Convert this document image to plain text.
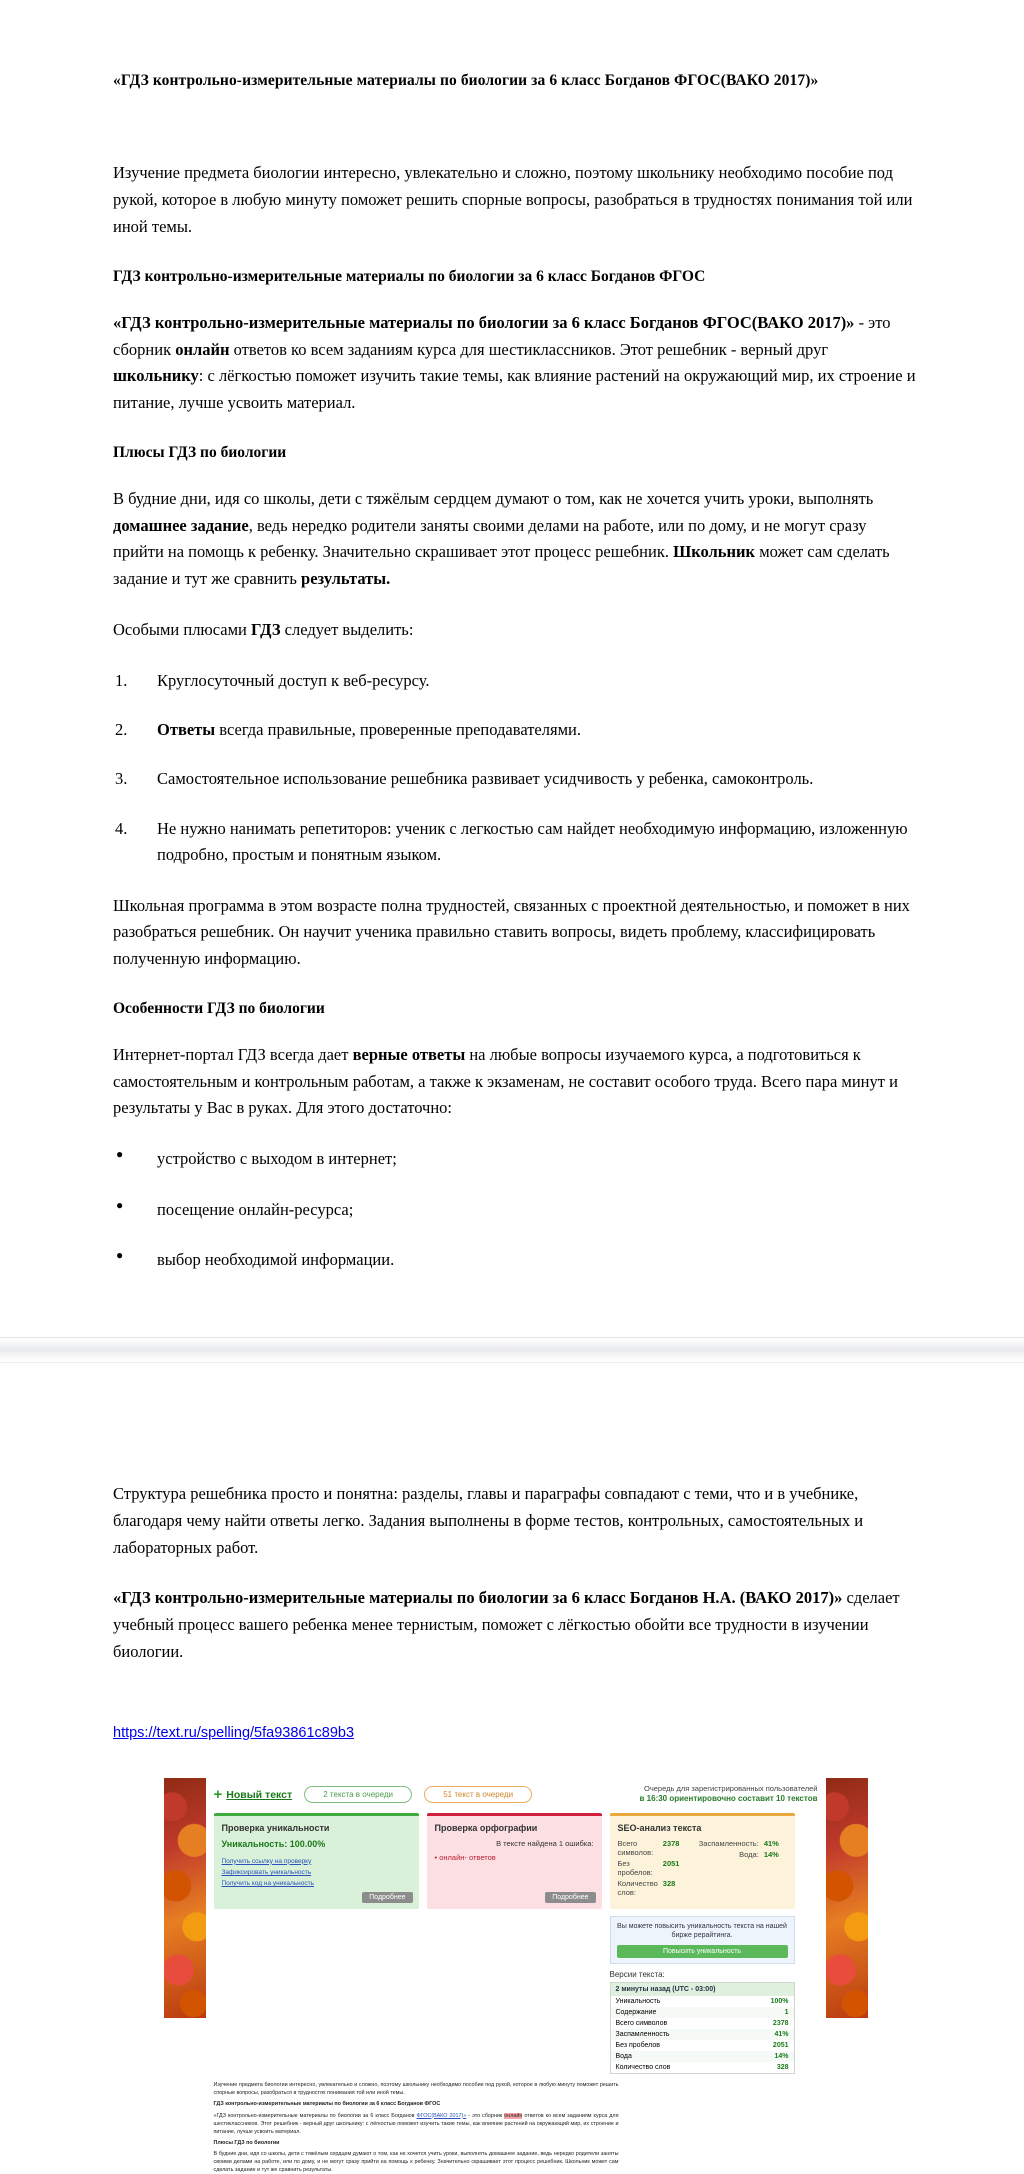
«ГДЗ контрольно-измерительные материалы по биологии за 6 класс Богданов ФГОС(ВАКО 2017)»

Изучение предмета биологии интересно, увлекательно и сложно, поэтому школьнику необходимо пособие под рукой, которое в любую минуту поможет решить спорные вопросы, разобраться в трудностях понимания той или иной темы.

ГДЗ контрольно-измерительные материалы по биологии за 6 класс Богданов ФГОС

«ГДЗ контрольно-измерительные материалы по биологии за 6 класс Богданов ФГОС(ВАКО 2017)» - это сборник онлайн ответов ко всем заданиям курса для шестиклассников. Этот решебник - верный друг школьнику: с лёгкостью поможет изучить такие темы, как влияние растений на окружающий мир, их строение и питание, лучше усвоить материал.

Плюсы ГДЗ по биологии

В будние дни, идя со школы, дети с тяжёлым сердцем думают о том, как не хочется учить уроки, выполнять домашнее задание, ведь нередко родители заняты своими делами на работе, или по дому, и не могут сразу прийти на помощь к ребенку. Значительно скрашивает этот процесс решебник. Школьник может сам сделать задание и тут же сравнить результаты.

Особыми плюсами ГДЗ следует выделить:

Круглосуточный доступ к веб-ресурсу.
Ответы всегда правильные, проверенные преподавателями.
Самостоятельное использование решебника развивает усидчивость у ребенка, самоконтроль.
Не нужно нанимать репетиторов: ученик с легкостью сам найдет необходимую информацию, изложенную подробно, простым и понятным языком.

Школьная программа в этом возрасте полна трудностей, связанных с проектной деятельностью, и поможет в них разобраться решебник. Он научит ученика правильно ставить вопросы, видеть проблему, классифицировать полученную информацию.

Особенности ГДЗ по биологии

Интернет-портал ГДЗ всегда дает верные ответы на любые вопросы изучаемого курса, а подготовиться к самостоятельным и контрольным работам, а также к экзаменам, не составит особого труда. Всего пара минут и результаты у Вас в руках. Для этого достаточно:

● устройство с выходом в интернет;
● посещение онлайн-ресурса;
● выбор необходимой информации.

Структура решебника просто и понятна: разделы, главы и параграфы совпадают с теми, что и в учебнике, благодаря чему найти ответы легко. Задания выполнены в форме тестов, контрольных, самостоятельных и лабораторных работ.

«ГДЗ контрольно-измерительные материалы по биологии за 6 класс Богданов Н.А. (ВАКО 2017)» сделает учебный процесс вашего ребенка менее тернистым, поможет с лёгкостью обойти все трудности в изучении биологии.

https://text.ru/spelling/5fa93861c89b3
+ Новый текст	2 текста в очереди	51 текст в очереди
Очередь для зарегистрированных пользователей
в 16:30 ориентировочно составит 10 текстов
Проверка уникальности
Уникальность: 100.00%
Получить ссылку на проверку
Зафиксировать уникальность
Получить код на уникальность
Подробнее
Проверка орфографии
В тексте найдена 1 ошибка:
• онлайн- ответов
Подробнее
SEO-анализ текста
Всего символов:
2378
Без пробелов:
2051
Количество слов:
328
Заспамленность: 41%
Вода: 14%
Вы можете повысить уникальность текста на нашей бирже рерайтинга.
Повысить уникальность
Версии текста:
2 минуты назад (UTC - 03:00)
Уникальность	100%
Содержание	1
Всего символов	2378
Заспамленность	41%
Без пробелов	2051
Вода	14%
Количество слов	328
Изучение предмета биологии интересно, увлекательно и сложно, поэтому школьнику необходимо пособие под рукой, которое в любую минуту поможет решить спорные вопросы, разобраться в трудностях понимания той или иной темы.
ГДЗ контрольно-измерительные материалы по биологии за 6 класс Богданов ФГОС
«ГДЗ контрольно-измерительные материалы по биологии за 6 класс Богданов ФГОС(ВАКО 2017)» - это сборник онлайн ответов ко всем заданиям курса для шестиклассников. Этот решебник - верный друг школьнику: с лёгкостью поможет изучить такие темы, как влияние растений на окружающий мир, их строение и питание, лучше усвоить материал.
Плюсы ГДЗ по биологии
В будние дни, идя со школы, дети с тяжёлым сердцем думают о том, как не хочется учить уроки, выполнять домашнее задание, ведь нередко родители заняты своими делами на работе, или по дому, и не могут сразу прийти на помощь к ребенку. Значительно скрашивает этот процесс решебник. Школьник может сам сделать задание и тут же сравнить результаты.
